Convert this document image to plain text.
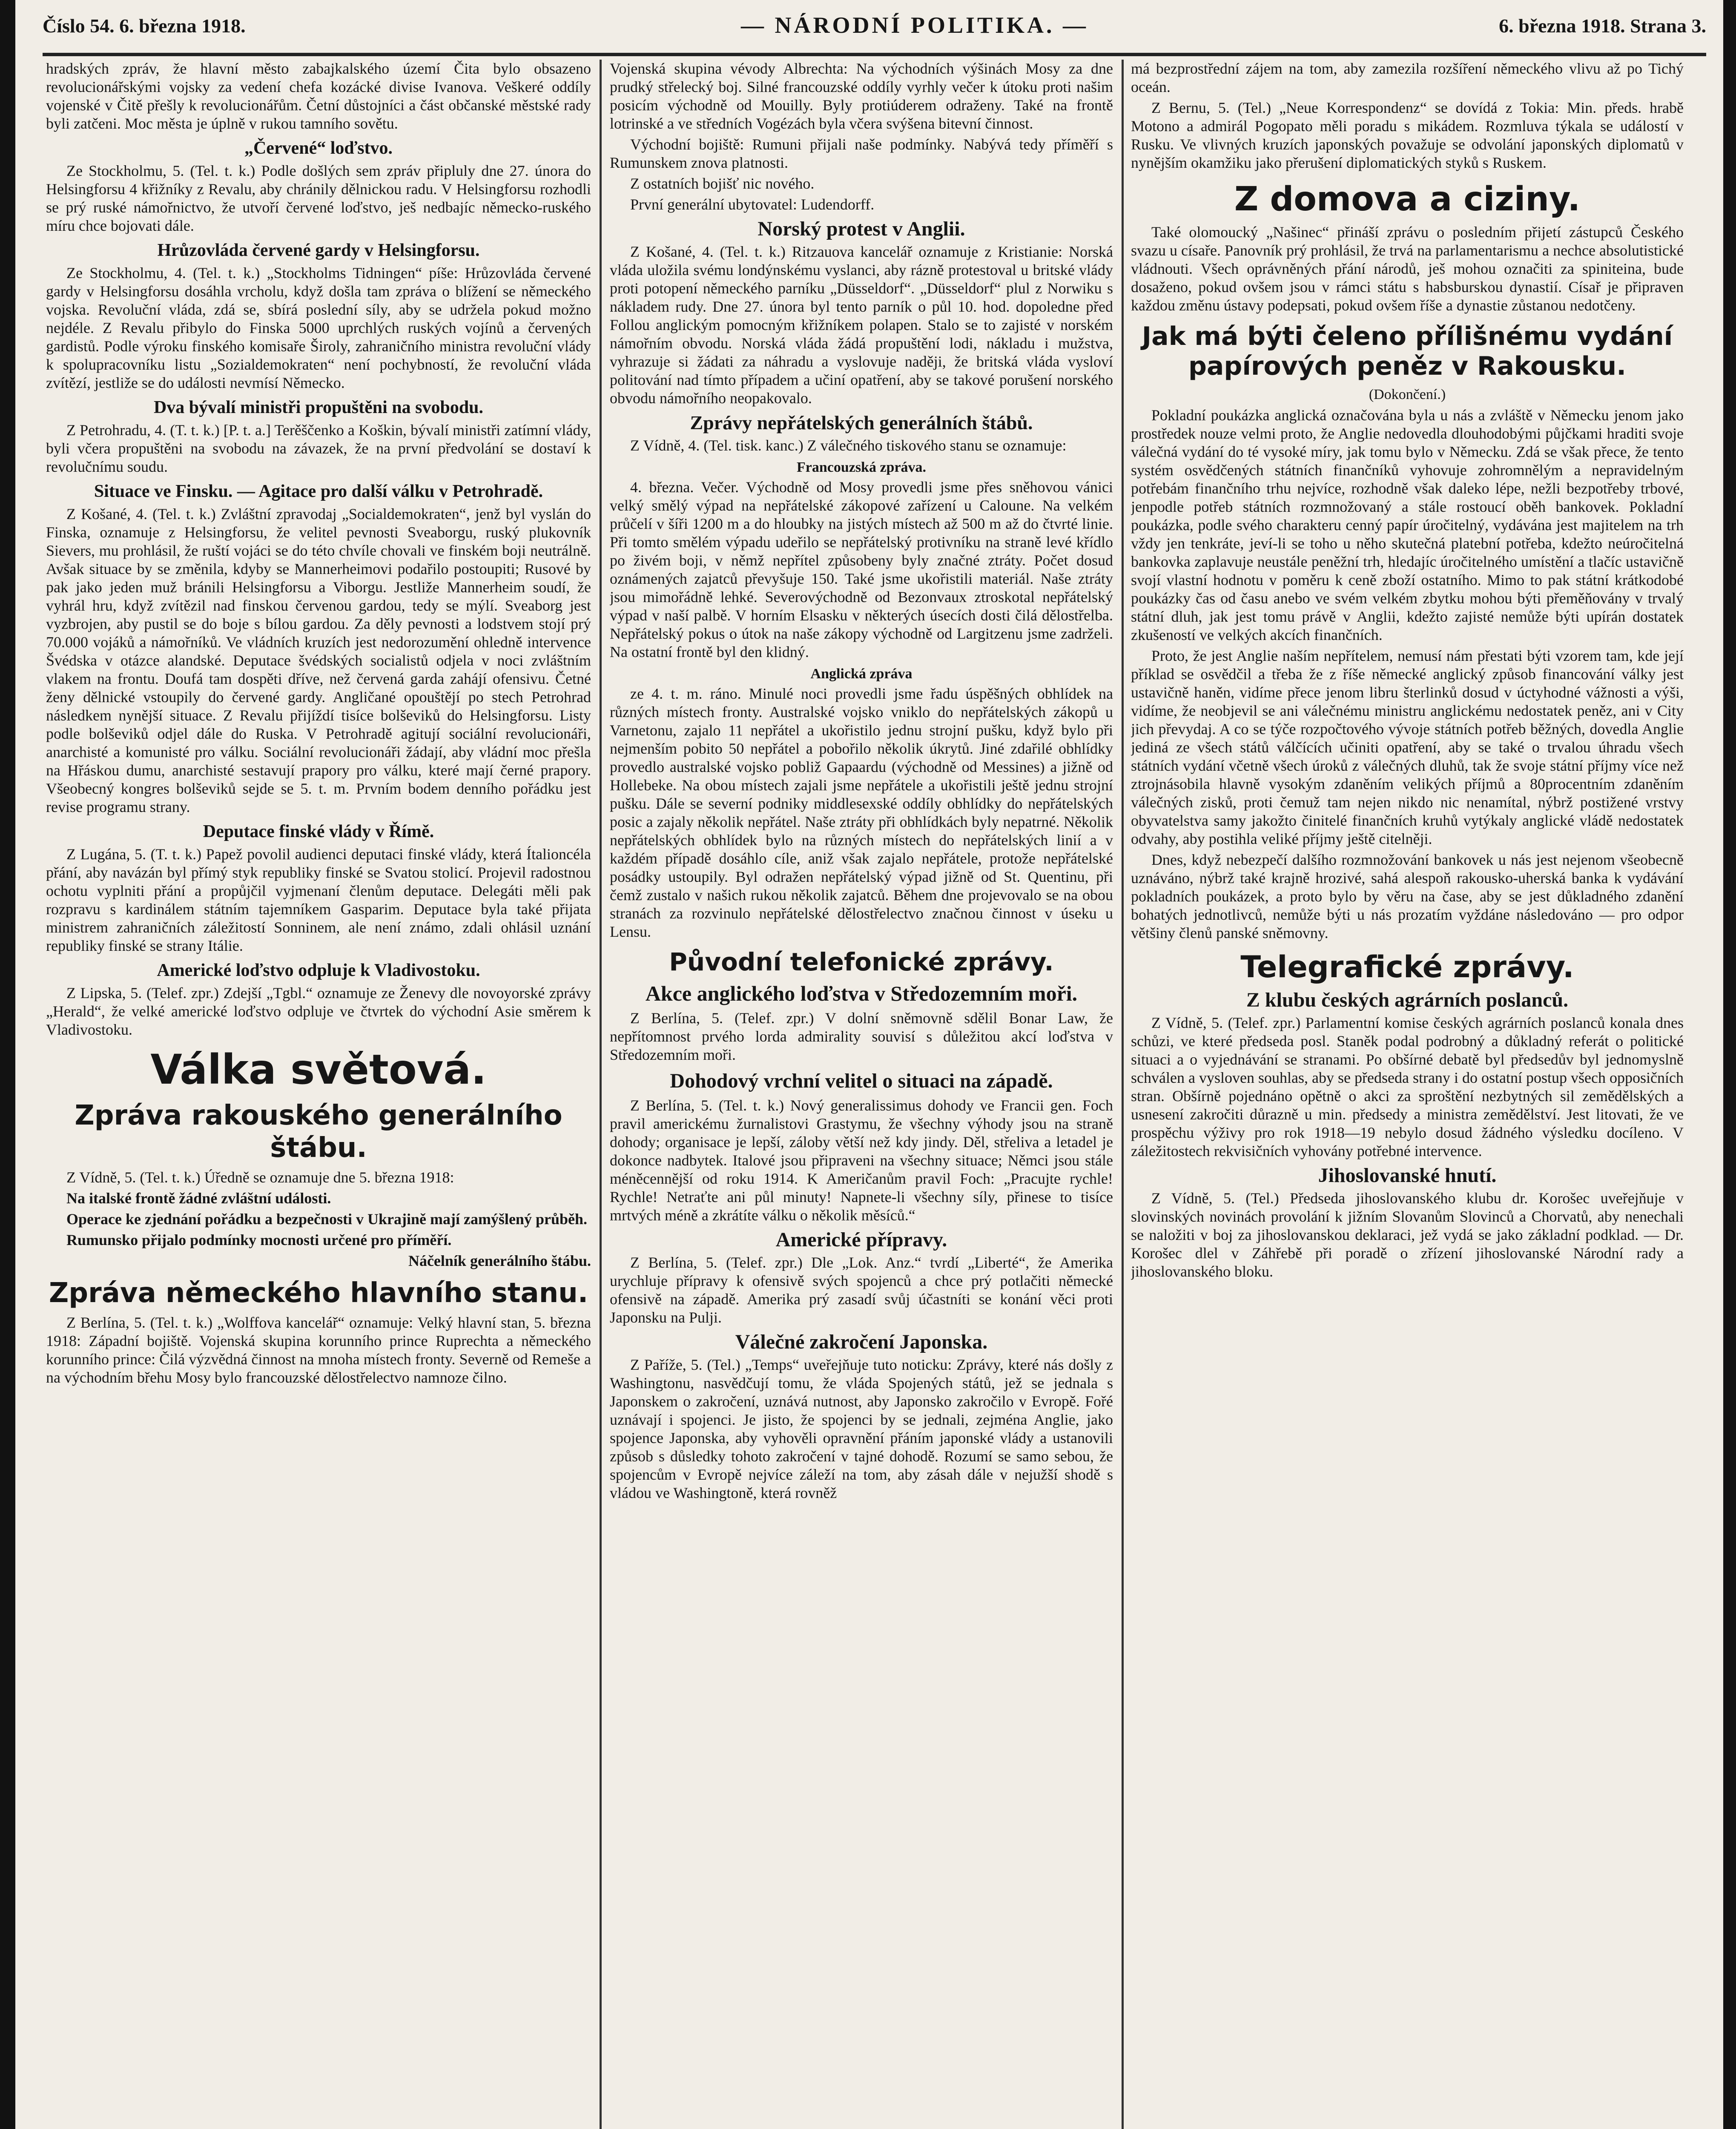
Číslo 54. 6. března 1918.	— NÁRODNÍ POLITIKA. —	6. března 1918. Strana 3.

hradských zpráv, že hlavní město zabajkalského území Čita bylo obsazeno revolucionářskými vojsky za vedení chefa kozácké divise Ivanova. Veškeré oddíly vojenské v Čitě přešly k revolucionářům. Četní důstojníci a část občanské městské rady byli zatčeni. Moc města je úplně v rukou tamního sovětu.

„Červené“ loďstvo.

Ze Stockholmu, 5. (Tel. t. k.) Podle došlých sem zpráv připluly dne 27. února do Helsingforsu 4 křižníky z Revalu, aby chránily dělnickou radu. V Helsingforsu rozhodli se prý ruské námořnictvo, že utvoří červené loďstvo, ješ nedbajíc německo-ruského míru chce bojovati dále.

Hrůzovláda červené gardy v Helsingforsu.

Ze Stockholmu, 4. (Tel. t. k.) „Stockholms Tidningen“ píše: Hrůzovláda červené gardy v Helsingforsu dosáhla vrcholu, když došla tam zpráva o blížení se německého vojska. Revoluční vláda, zdá se, sbírá poslední síly, aby se udržela pokud možno nejdéle. Z Revalu přibylo do Finska 5000 uprchlých ruských vojínů a červených gardistů. Podle výroku finského komisaře Široly, zahraničního ministra revoluční vlády k spolupracovníku listu „Sozialdemokraten“ není pochybností, že revoluční vláda zvítězí, jestliže se do události nevmísí Německo.

Dva bývalí ministři propuštěni na svobodu.

Z Petrohradu, 4. (T. t. k.) [P. t. a.] Terěščenko a Koškin, bývalí ministři zatímní vlády, byli včera propuštěni na svobodu na závazek, že na první předvolání se dostaví k revolučnímu soudu.

Situace ve Finsku. — Agitace pro další válku v Petrohradě.

Z Košané, 4. (Tel. t. k.) Zvláštní zpravodaj „Socialdemokraten“, jenž byl vyslán do Finska, oznamuje z Helsingforsu, že velitel pevnosti Sveaborgu, ruský plukovník Sievers, mu prohlásil, že ruští vojáci se do této chvíle chovali ve finském boji neutrálně. Avšak situace by se změnila, kdyby se Mannerheimovi podařilo postoupiti; Rusové by pak jako jeden muž bránili Helsingforsu a Viborgu. Jestliže Mannerheim soudí, že vyhrál hru, když zvítězil nad finskou červenou gardou, tedy se mýlí. Sveaborg jest vyzbrojen, aby pustil se do boje s bílou gardou. Za děly pevnosti a lodstvem stojí prý 70.000 vojáků a námořníků. Ve vládních kruzích jest nedorozumění ohledně intervence Švédska v otázce alandské. Deputace švédských socialistů odjela v noci zvláštním vlakem na frontu. Doufá tam dospěti dříve, než červená garda zahájí ofensivu. Četné ženy dělnické vstoupily do červené gardy. Angličané opouštějí po stech Petrohrad následkem nynější situace. Z Revalu přijíždí tisíce bolševiků do Helsingforsu. Listy podle bolševiků odjel dále do Ruska. V Petrohradě agitují sociální revolucionáři, anarchisté a komunisté pro válku. Sociální revolucionáři žádají, aby vládní moc přešla na Hřáskou dumu, anarchisté sestavují prapory pro válku, které mají černé prapory. Všeobecný kongres bolševiků sejde se 5. t. m. Prvním bodem denního pořádku jest revise programu strany.

Deputace finské vlády v Římě.

Z Lugána, 5. (T. t. k.) Papež povolil audienci deputaci finské vlády, která Ítalioncéla přání, aby navázán byl přímý styk republiky finské se Svatou stolicí. Projevil radostnou ochotu vyplniti přání a propůjčil vyjmenaní členům deputace. Delegáti měli pak rozpravu s kardinálem státním tajemníkem Gasparim. Deputace byla také přijata ministrem zahraničních záležitostí Sonninem, ale není známo, zdali ohlásil uznání republiky finské se strany Itálie.

Americké loďstvo odpluje k Vladivostoku.

Z Lipska, 5. (Telef. zpr.) Zdejší „Tgbl.“ oznamuje ze Ženevy dle novoyorské zprávy „Herald“, že velké americké loďstvo odpluje ve čtvrtek do východní Asie směrem k Vladivostoku.

Válka světová.
Zpráva rakouského generálního štábu.

Z Vídně, 5. (Tel. t. k.) Úředně se oznamuje dne 5. března 1918:

Na italské frontě žádné zvláštní události.

Operace ke zjednání pořádku a bezpečnosti v Ukrajině mají zamýšlený průběh.

Rumunsko přijalo podmínky mocnosti určené pro příměří.

Náčelník generálního štábu.

Zpráva německého hlavního stanu.

Z Berlína, 5. (Tel. t. k.) „Wolffova kancelář“ oznamuje: Velký hlavní stan, 5. března 1918: Západní bojiště. Vojenská skupina korunního prince Ruprechta a německého korunního prince: Čilá výzvědná činnost na mnoha místech fronty. Severně od Remeše a na východním břehu Mosy bylo francouzské dělostřelectvo namnoze čilno.

Vojenská skupina vévody Albrechta: Na východních výšinách Mosy za dne prudký střelecký boj. Silné francouzské oddíly vyrhly večer k útoku proti našim posicím východně od Mouilly. Byly protiúderem odraženy. Také na frontě lotrinské a ve středních Vogézách byla včera svýšena bitevní činnost.

Východní bojiště: Rumuni přijali naše podmínky. Nabývá tedy příměří s Rumunskem znova platnosti.

Z ostatních bojišť nic nového.

První generální ubytovatel: Ludendorff.

Norský protest v Anglii.

Z Košané, 4. (Tel. t. k.) Ritzauova kancelář oznamuje z Kristianie: Norská vláda uložila svému londýnskému vyslanci, aby rázně protestoval u britské vlády proti potopení německého parníku „Düsseldorf“. „Düsseldorf“ plul z Norwiku s nákladem rudy. Dne 27. února byl tento parník o půl 10. hod. dopoledne před Follou anglickým pomocným křižníkem polapen. Stalo se to zajisté v norském námořním obvodu. Norská vláda žádá propuštění lodi, nákladu i mužstva, vyhrazuje si žádati za náhradu a vyslovuje naději, že britská vláda vysloví politování nad tímto případem a učiní opatření, aby se takové porušení norského obvodu námořního neopakovalo.

Zprávy nepřátelských generálních štábů.

Z Vídně, 4. (Tel. tisk. kanc.) Z válečného tiskového stanu se oznamuje:

Francouzská zpráva.

4. března. Večer. Východně od Mosy provedli jsme přes sněhovou vánici velký smělý výpad na nepřátelské zákopové zařízení u Caloune. Na velkém průčelí v šíři 1200 m a do hloubky na jistých místech až 500 m až do čtvrté linie. Při tomto smělém výpadu udeřilo se nepřátelský protivníku na straně levé křídlo po živém boji, v němž nepřítel způsobeny byly značné ztráty. Počet dosud oznámených zajatců převyšuje 150. Také jsme ukořistili materiál. Naše ztráty jsou mimořádně lehké. Severovýchodně od Bezonvaux ztroskotal nepřátelský výpad v naší palbě. V horním Elsasku v některých úsecích dosti čilá dělostřelba. Nepřátelský pokus o útok na naše zákopy východně od Largitzenu jsme zadrželi. Na ostatní frontě byl den klidný.

Anglická zpráva

ze 4. t. m. ráno. Minulé noci provedli jsme řadu úspěšných obhlídek na různých místech fronty. Australské vojsko vniklo do nepřátelských zákopů u Varnetonu, zajalo 11 nepřátel a ukořistilo jednu strojní pušku, když bylo při nejmenším pobito 50 nepřátel a pobořilo několik úkrytů. Jiné zdařilé obhlídky provedlo australské vojsko pobliž Gapaardu (východně od Messines) a jižně od Hollebeke. Na obou místech zajali jsme nepřátele a ukořistili ještě jednu strojní pušku. Dále se severní podniky middlesexské oddíly obhlídky do nepřátelských posic a zajaly několik nepřátel. Naše ztráty při obhlídkách byly nepatrné. Několik nepřátelských obhlídek bylo na různých místech do nepřátelských linií a v každém případě dosáhlo cíle, aniž však zajalo nepřátele, protože nepřátelské posádky ustoupily. Byl odražen nepřátelský výpad jižně od St. Quentinu, při čemž zustalo v našich rukou několik zajatců. Během dne projevovalo se na obou stranách za rozvinulo nepřátelské dělostřelectvo značnou činnost v úseku u Lensu.

Původní telefonické zprávy.
Akce anglického loďstva v Středozemním moři.

Z Berlína, 5. (Telef. zpr.) V dolní sněmovně sdělil Bonar Law, že nepřítomnost prvého lorda admirality souvisí s důležitou akcí loďstva v Středozemním moři.

Dohodový vrchní velitel o situaci na západě.

Z Berlína, 5. (Tel. t. k.) Nový generalissimus dohody ve Francii gen. Foch pravil americkému žurnalistovi Grastymu, že všechny výhody jsou na straně dohody; organisace je lepší, záloby větší než kdy jindy. Děl, střeliva a letadel je dokonce nadbytek. Italové jsou připraveni na všechny situace; Němci jsou stále méněcennější od roku 1914. K Američanům pravil Foch: „Pracujte rychle! Rychle! Netraťte ani půl minuty! Napnete-li všechny síly, přinese to tisíce mrtvých méně a zkrátíte válku o několik měsíců.“

Americké přípravy.

Z Berlína, 5. (Telef. zpr.) Dle „Lok. Anz.“ tvrdí „Liberté“, že Amerika urychluje přípravy k ofensivě svých spojenců a chce prý potlačiti německé ofensivě na západě. Amerika prý zasadí svůj účastníti se konání věci proti Japonsku na Pulji.

Válečné zakročení Japonska.

Z Paříže, 5. (Tel.) „Temps“ uveřejňuje tuto noticku: Zprávy, které nás došly z Washingtonu, nasvědčují tomu, že vláda Spojených států, jež se jednala s Japonskem o zakročení, uznává nutnost, aby Japonsko zakročilo v Evropě. Fořé uznávají i spojenci. Je jisto, že spojenci by se jednali, zejména Anglie, jako spojence Japonska, aby vyhověli opravnění přáním japonské vlády a ustanovili způsob s důsledky tohoto zakročení v tajné dohodě. Rozumí se samo sebou, že spojencům v Evropě nejvíce záleží na tom, aby zásah dále v nejužší shodě s vládou ve Washingtoně, která rovněž

má bezprostřední zájem na tom, aby zamezila rozšíření německého vlivu až po Tichý oceán.

Z Bernu, 5. (Tel.) „Neue Korrespondenz“ se dovídá z Tokia: Min. předs. hrabě Motono a admirál Pogopato měli poradu s mikádem. Rozmluva týkala se událostí v Rusku. Ve vlivných kruzích japonských považuje se odvolání japonských diplomatů v nynějším okamžiku jako přerušení diplomatických styků s Ruskem.

Z domova a ciziny.

Také olomoucký „Našinec“ přináší zprávu o posledním přijetí zástupců Českého svazu u císaře. Panovník prý prohlásil, že trvá na parlamentarismu a nechce absolutistické vládnouti. Všech oprávněných přání národů, ješ mohou označiti za spiniteina, bude dosaženo, pokud ovšem jsou v rámci státu s habsburskou dynastií. Císař je připraven každou změnu ústavy podepsati, pokud ovšem říše a dynastie zůstanou nedotčeny.

Jak má býti čeleno přílišnému vydání papírových peněz v Rakousku.

(Dokončení.)

Pokladní poukázka anglická označována byla u nás a zvláště v Německu jenom jako prostředek nouze velmi proto, že Anglie nedovedla dlouhodobými půjčkami hraditi svoje válečná vydání do té vysoké míry, jak tomu bylo v Německu. Zdá se však přece, že tento systém osvědčených státních finančníků vyhovuje zohromnělým a nepravidelným potřebám finančního trhu nejvíce, rozhodně však daleko lépe, nežli bezpotřeby trbové, jenpodle potřeb státních rozmnožovaný a stále rostoucí oběh bankovek. Pokladní poukázka, podle svého charakteru cenný papír úročitelný, vydávána jest majitelem na trh vždy jen tenkráte, jeví-li se toho u něho skutečná platební potřeba, kdežto neúročitelná bankovka zaplavuje neustále peněžní trh, hledajíc úročitelného umístění a tlačíc ustavičně svojí vlastní hodnotu v poměru k ceně zboží ostatního. Mimo to pak státní krátkodobé poukázky čas od času anebo ve svém velkém zbytku mohou býti přeměňovány v trvalý státní dluh, jak jest tomu právě v Anglii, kdežto zajisté nemůže býti upírán dostatek zkušeností ve velkých akcích finančních.

Proto, že jest Anglie naším nepřítelem, nemusí nám přestati býti vzorem tam, kde její příklad se osvědčil a třeba že z říše německé anglický způsob financování války jest ustavičně haněn, vidíme přece jenom libru šterlinků dosud v úctyhodné vážnosti a výši, vidíme, že neobjevil se ani válečnému ministru anglickému nedostatek peněz, ani v City jich převydaj. A co se týče rozpočtového vývoje státních potřeb běžných, dovedla Anglie jediná ze všech států válčících učiniti opatření, aby se také o trvalou úhradu všech státních vydání včetně všech úroků z válečných dluhů, tak že svoje státní příjmy více než ztrojnásobila hlavně vysokým zdaněním velikých příjmů a 80procentním zdaněním válečných zisků, proti čemuž tam nejen nikdo nic nenamítal, nýbrž postižené vrstvy obyvatelstva samy jakožto činitelé finančních kruhů vytýkaly anglické vládě nedostatek odvahy, aby postihla veliké příjmy ještě citelněji.

Dnes, když nebezpečí dalšího rozmnožování bankovek u nás jest nejenom všeobecně uznáváno, nýbrž také krajně hrozivé, sahá alespoň rakousko-uherská banka k vydávání pokladních poukázek, a proto bylo by věru na čase, aby se jest důkladného zdanění bohatých jednotlivců, nemůže býti u nás prozatím vyždáne následováno — pro odpor většiny členů panské sněmovny.

Telegrafické zprávy.
Z klubu českých agrárních poslanců.

Z Vídně, 5. (Telef. zpr.) Parlamentní komise českých agrárních poslanců konala dnes schůzi, ve které předseda posl. Staněk podal podrobný a důkladný referát o politické situaci a o vyjednávání se stranami. Po obšírné debatě byl předsedův byl jednomyslně schválen a vysloven souhlas, aby se předseda strany i do ostatní postup všech opposičních stran. Obšírně pojednáno opětně o akci za sproštění nezbytných sil zemědělských a usnesení zakročiti důrazně u min. předsedy a ministra zemědělství. Jest litovati, že ve prospěchu výživy pro rok 1918—19 nebylo dosud žádného výsledku docíleno. V záležitostech rekvisičních vyhovány potřebné intervence.

Jihoslovanské hnutí.

Z Vídně, 5. (Tel.) Předseda jihoslovanského klubu dr. Korošec uveřejňuje v slovinských novinách provolání k jižním Slovanům Slovinců a Chorvatů, aby nenechali se naložiti v boj za jihoslovanskou deklaraci, jež vydá se jako základní podklad. — Dr. Korošec dlel v Záhřebě při poradě o zřízení jihoslovanské Národní rady a jihoslovanského bloku.
